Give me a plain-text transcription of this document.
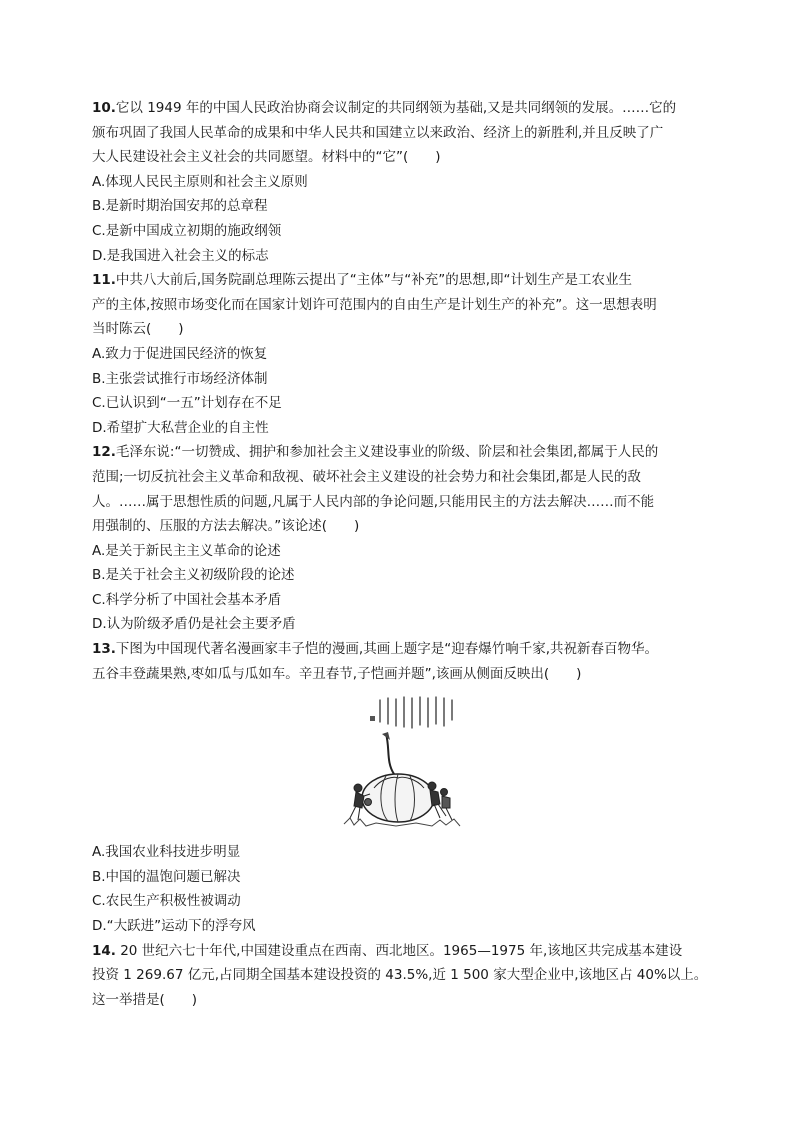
10.它以 1949 年的中国人民政治协商会议制定的共同纲领为基础,又是共同纲领的发展。……它的

颁布巩固了我国人民革命的成果和中华人民共和国建立以来政治、经济上的新胜利,并且反映了广

大人民建设社会主义社会的共同愿望。材料中的“它”(　　)

A.体现人民民主原则和社会主义原则

B.是新时期治国安邦的总章程

C.是新中国成立初期的施政纲领

D.是我国进入社会主义的标志

11.中共八大前后,国务院副总理陈云提出了“主体”与“补充”的思想,即“计划生产是工农业生

产的主体,按照市场变化而在国家计划许可范围内的自由生产是计划生产的补充”。这一思想表明

当时陈云(　　)

A.致力于促进国民经济的恢复

B.主张尝试推行市场经济体制

C.已认识到“一五”计划存在不足

D.希望扩大私营企业的自主性

12.毛泽东说:“一切赞成、拥护和参加社会主义建设事业的阶级、阶层和社会集团,都属于人民的

范围;一切反抗社会主义革命和敌视、破坏社会主义建设的社会势力和社会集团,都是人民的敌

人。……属于思想性质的问题,凡属于人民内部的争论问题,只能用民主的方法去解决……而不能

用强制的、压服的方法去解决。”该论述(　　)

A.是关于新民主主义革命的论述

B.是关于社会主义初级阶段的论述

C.科学分析了中国社会基本矛盾

D.认为阶级矛盾仍是社会主要矛盾

13.下图为中国现代著名漫画家丰子恺的漫画,其画上题字是“迎春爆竹响千家,共祝新春百物华。

五谷丰登蔬果熟,枣如瓜与瓜如车。辛丑春节,子恺画并题”,该画从侧面反映出(　　)

A.我国农业科技进步明显

B.中国的温饱问题已解决

C.农民生产积极性被调动

D.“大跃进”运动下的浮夸风

14. 20 世纪六七十年代,中国建设重点在西南、西北地区。1965—1975 年,该地区共完成基本建设

投资 1 269.67 亿元,占同期全国基本建设投资的 43.5%,近 1 500 家大型企业中,该地区占 40%以上。

这一举措是(　　)
